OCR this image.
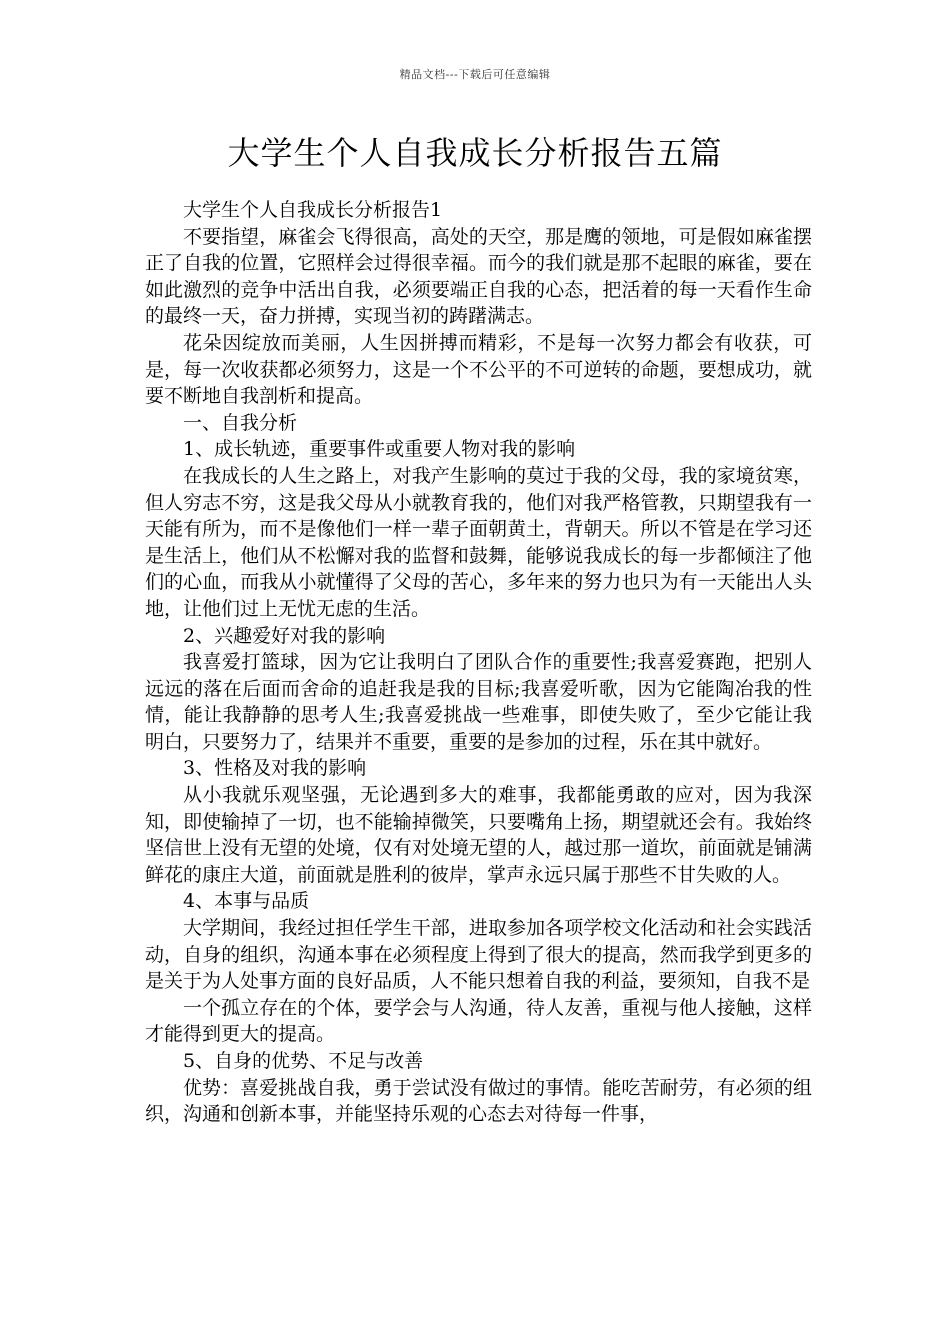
精品文档---下载后可任意编辑
大学生个人自我成长分析报告五篇

大学生个人自我成长分析报告1

不要指望，麻雀会飞得很高，高处的天空，那是鹰的领地，可是假如麻雀摆正了自我的位置，它照样会过得很幸福。而今的我们就是那不起眼的麻雀，要在如此激烈的竞争中活出自我，必须要端正自我的心态，把活着的每一天看作生命的最终一天，奋力拼搏，实现当初的踌躇满志。

花朵因绽放而美丽，人生因拼搏而精彩，不是每一次努力都会有收获，可是，每一次收获都必须努力，这是一个不公平的不可逆转的命题，要想成功，就要不断地自我剖析和提高。

一、自我分析

1、成长轨迹，重要事件或重要人物对我的影响

在我成长的人生之路上，对我产生影响的莫过于我的父母，我的家境贫寒，但人穷志不穷，这是我父母从小就教育我的，他们对我严格管教，只期望我有一天能有所为，而不是像他们一样一辈子面朝黄土，背朝天。所以不管是在学习还是生活上，他们从不松懈对我的监督和鼓舞，能够说我成长的每一步都倾注了他们的心血，而我从小就懂得了父母的苦心，多年来的努力也只为有一天能出人头地，让他们过上无忧无虑的生活。

2、兴趣爱好对我的影响

我喜爱打篮球，因为它让我明白了团队合作的重要性;我喜爱赛跑，把别人远远的落在后面而舍命的追赶我是我的目标;我喜爱听歌，因为它能陶冶我的性情，能让我静静的思考人生;我喜爱挑战一些难事，即使失败了，至少它能让我明白，只要努力了，结果并不重要，重要的是参加的过程，乐在其中就好。

3、性格及对我的影响

从小我就乐观坚强，无论遇到多大的难事，我都能勇敢的应对，因为我深知，即使输掉了一切，也不能输掉微笑，只要嘴角上扬，期望就还会有。我始终坚信世上没有无望的处境，仅有对处境无望的人，越过那一道坎，前面就是铺满鲜花的康庄大道，前面就是胜利的彼岸，掌声永远只属于那些不甘失败的人。

4、本事与品质

大学期间，我经过担任学生干部，进取参加各项学校文化活动和社会实践活动，自身的组织，沟通本事在必须程度上得到了很大的提高，然而我学到更多的是关于为人处事方面的良好品质，人不能只想着自我的利益，要须知，自我不是

一个孤立存在的个体，要学会与人沟通，待人友善，重视与他人接触，这样才能得到更大的提高。

5、自身的优势、不足与改善

优势：喜爱挑战自我，勇于尝试没有做过的事情。能吃苦耐劳，有必须的组织，沟通和创新本事，并能坚持乐观的心态去对待每一件事，
